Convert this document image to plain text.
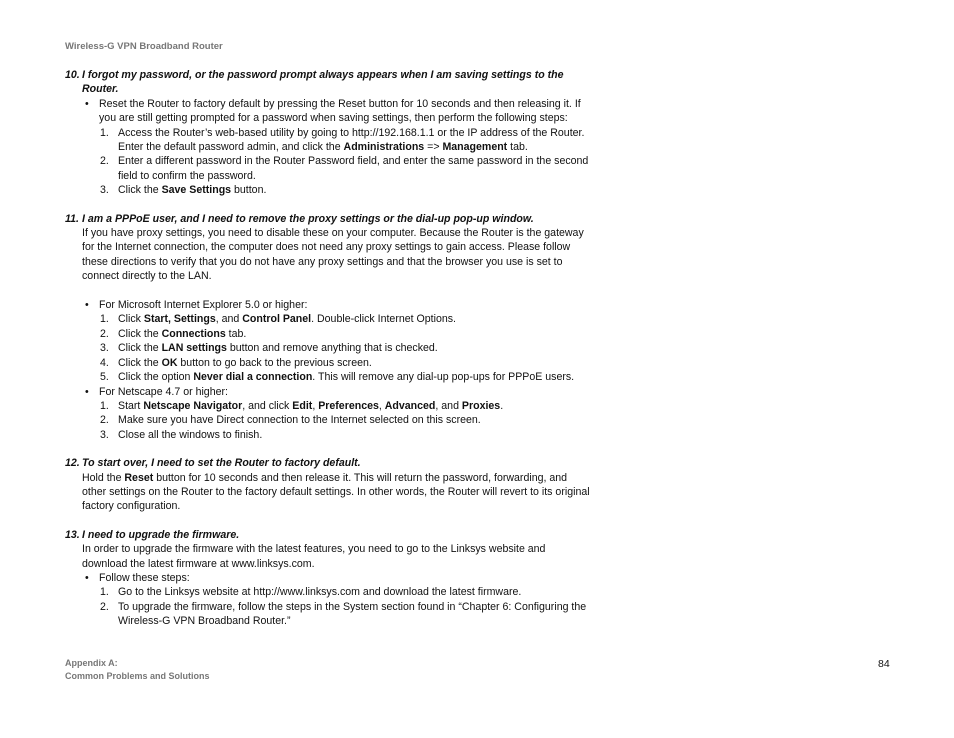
Wireless-G VPN Broadband Router
10. I forgot my password, or the password prompt always appears when I am saving settings to the Router.
• Reset the Router to factory default by pressing the Reset button for 10 seconds and then releasing it. If you are still getting prompted for a password when saving settings, then perform the following steps:
1. Access the Router’s web-based utility by going to http://192.168.1.1 or the IP address of the Router. Enter the default password admin, and click the Administrations => Management tab.
2. Enter a different password in the Router Password field, and enter the same password in the second field to confirm the password.
3. Click the Save Settings button.
11. I am a PPPoE user, and I need to remove the proxy settings or the dial-up pop-up window.
If you have proxy settings, you need to disable these on your computer. Because the Router is the gateway for the Internet connection, the computer does not need any proxy settings to gain access. Please follow these directions to verify that you do not have any proxy settings and that the browser you use is set to connect directly to the LAN.
• For Microsoft Internet Explorer 5.0 or higher:
1. Click Start, Settings, and Control Panel. Double-click Internet Options.
2. Click the Connections tab.
3. Click the LAN settings button and remove anything that is checked.
4. Click the OK button to go back to the previous screen.
5. Click the option Never dial a connection. This will remove any dial-up pop-ups for PPPoE users.
• For Netscape 4.7 or higher:
1. Start Netscape Navigator, and click Edit, Preferences, Advanced, and Proxies.
2. Make sure you have Direct connection to the Internet selected on this screen.
3. Close all the windows to finish.
12. To start over, I need to set the Router to factory default.
Hold the Reset button for 10 seconds and then release it. This will return the password, forwarding, and other settings on the Router to the factory default settings. In other words, the Router will revert to its original factory configuration.
13. I need to upgrade the firmware.
In order to upgrade the firmware with the latest features, you need to go to the Linksys website and download the latest firmware at www.linksys.com.
• Follow these steps:
1. Go to the Linksys website at http://www.linksys.com and download the latest firmware.
2. To upgrade the firmware, follow the steps in the System section found in “Chapter 6: Configuring the Wireless-G VPN Broadband Router.”
Appendix A:
Common Problems and Solutions
84
